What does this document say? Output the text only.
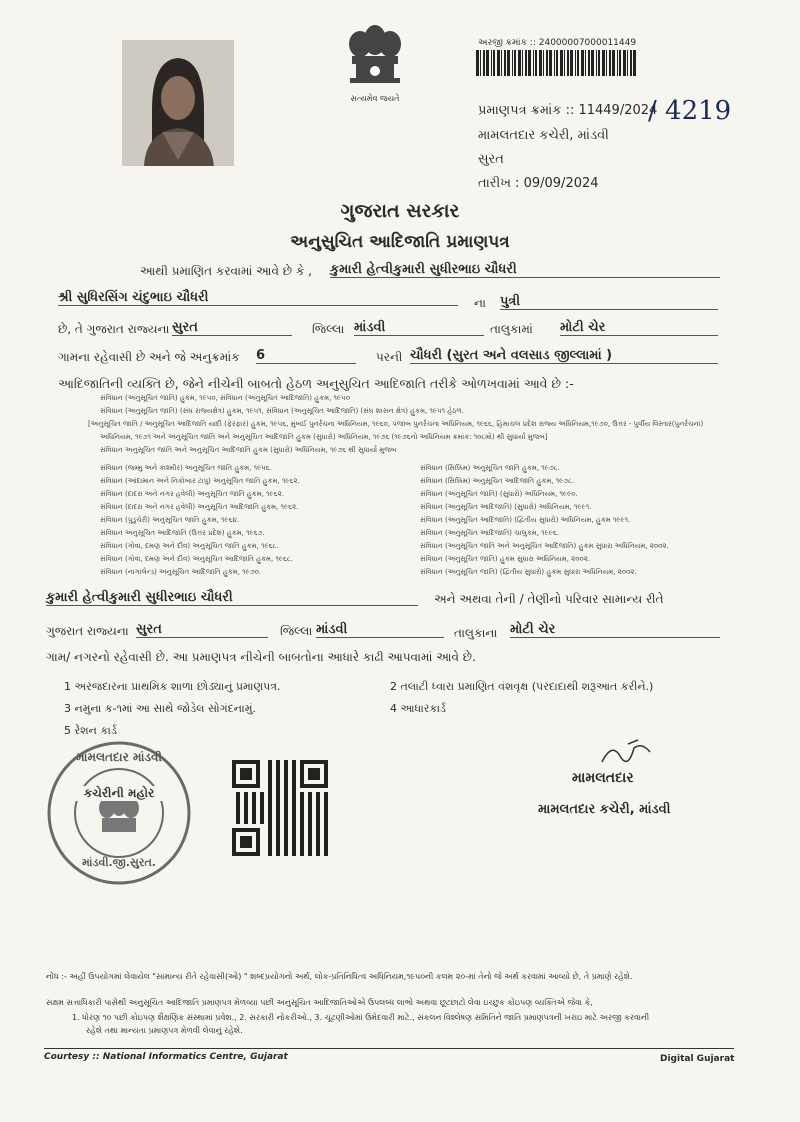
સત્યમેવ જયતે
અરજી ક્રમાંક :: 24000007000011449
પ્રમાણપત્ર ક્રમાંક :: 11449/2024
/ 4219
મામલતદાર કચેરી, માંડવી
સુરત
તારીખ : 09/09/2024
ગુજરાત સરકાર
અનુસુચિત આદિજાતિ પ્રમાણપત્ર
આથી પ્રમાણિત કરવામાં આવે છે કે , કુમારી હેત્વીકુમારી સુધીરભાઇ ચૌધરી
શ્રી સુધિરસિંગ ચંદુભાઇ ચૌધરી	ના પુત્રી
છે, તે ગુજરાત રાજ્યના સુરત	જિલ્લા માંડવી	તાલુકામાં મોટી ચેર
ગામના રહેવાસી છે અને જે અનુક્રમાંક 6	પરની ચૌધરી (સુરત અને વલસાડ જીલ્લામાં )
આદિજાતિની વ્યક્તિ છે, જેને નીચેની બાબતો હેઠળ અનુસુચિત આદિજાતિ તરીકે ઓળખવામાં આવે છે :-
સંવિધાન (અનુસૂચિત જાતિ) હુકમ, ૧૯૫૦, સંવિધાન (અનુસૂચિત આદિજાતિ) હુકમ, ૧૯૫૦
સંવિધાન (અનુસૂચિત જાતિ) (સંઘ રાજ્યક્ષેત્ર) હુકમ, ૧૯૫૧, સંવિધાન (અનુસૂચિત આદિજાતિ) (સંઘ શાસન ક્ષેત્ર) હુકમ, ૧૯૫૧ હેઠળ.
[અનુસૂચિત જાતિ / અનુસૂચિત આદિજાતિ યાદી (ફેરફાર) હુકમ, ૧૯૫૬, મુંબઈ પુનર્રચના અધિનિયમ, ૧૯૬૦, પંજાબ પુનર્રચના અધિનિયમ, ૧૯૬૬, હિમાચલ પ્રદેશ રાજ્ય અધિનિયમ,૧૯૭૦, ઉત્તર - પુર્વીય વિસ્તાર(પુનર્રચના)
અધિનિયમ, ૧૯૭૧ અને અનુસૂચિત જાતિ અને અનુસૂચિત આદિજાતિ હુકમ (સુધારો) અધિનિયમ, ૧૯૭૬ (૧૯૭૬નો અધિનિયમ ક્રમાંક: ૧૦૮મો) થી સુધાર્યા મુજબ]
સંવિધાન અનુસૂચિત જાતિ અને અનુસૂચિત આદિજાતિ હુકમ (સુધારો) અધિનિયમ, ૧૯૭૬ થી સુધાર્યા મુજબ
સંવિધાન (જમ્મુ અને કાશ્મીર) અનુસૂચિત જાતિ હુકમ, ૧૯૫૬.
સંવિધાન (આંદામાન અને નિકોબાર ટાપુ) અનુસૂચિત જાતિ હુકમ, ૧૯૬૨.
સંવિધાન (દાદરા અને નગર હવેલી) અનુસૂચિત જાતિ હુકમ, ૧૯૬૨.
સંવિધાન (દાદરા અને નગર હવેલી) અનુસૂચિત આદિજાતિ હુકમ, ૧૯૬૨.
સંવિધાન (પુડુચેરી) અનુસૂચિત જાતિ હુકમ, ૧૯૬૪.
સંવિધાન અનુસૂચિત આદિજાતિ (ઉત્તર પ્રદેશ) હુકમ, ૧૯૬૭.
સંવિધાન (ગોવા, દમણ અને દીવ) અનુસૂચિત જાતિ હુકમ, ૧૯૬૮.
સંવિધાન (ગોવા, દમણ અને દીવ) અનુસૂચિત આદિજાતિ હુકમ, ૧૯૬૮.
સંવિધાન (નાગાલેન્ડ) અનુસૂચિત આદિજાતિ હુકમ, ૧૯૭૦.
સંવિધાન (સિક્કિમ) અનુસૂચિત જાતિ હુકમ, ૧૯૭૮.
સંવિધાન (સિક્કિમ) અનુસૂચિત આદિજાતિ હુકમ, ૧૯૭૮.
સંવિધાન (અનુસૂચિત જાતિ) (સુધારો) અધિનિયમ, ૧૯૯૦.
સંવિધાન (અનુસૂચિત આદિજાતિ) (સુધારો) અધિનિયમ, ૧૯૯૧.
સંવિધાન (અનુસૂચિત આદિજાતિ) (દ્વિતીય સુધારો) અધિનિયમ, હુકમ ૧૯૯૧.
સંવિધાન (અનુસૂચિત આદિજાતિ) ચાલુકમ, ૧૯૯૬.
સંવિધાન (અનુસૂચિત જાતિ અને અનુસૂચિત આદિજાતિ) હુકમ સુધારા અધિનિયમ, ૨૦૦૨.
સંવિધાન (અનુસૂચિત જાતિ) હુકમ સુધારા અધિનિયમ, ૨૦૦૨.
સંવિધાન (અનુસૂચિત જાતિ) (દ્વિતીય સુધારો) હુકમ સુધારા અધિનિયમ, ૨૦૦૨.
કુમારી હેત્વીકુમારી સુધીરભાઇ ચૌધરી	અને અથવા તેની / તેણીનો પરિવાર સામાન્ય રીતે
ગુજરાત રાજ્યના સુરત	જિલ્લા માંડવી	તાલુકાના મોટી ચેર
ગામ/ નગરનો રહેવાસી છે. આ પ્રમાણપત્ર નીચેની બાબતોના આધારે કાઢી આપવામાં આવે છે.
1 અરજદારના પ્રાથમિક શાળા છોડ્યાનું પ્રમાણપત્ર.	2 તલાટી ધ્વારા પ્રમાણિત વંશવૃક્ષ (પરદાદાથી શરૂઆત કરીને.)
3 નમુના ક-૧માં આ સાથે જોડેલ સોગંદનામું.	4 આધારકાર્ડ
5 રેશન કાર્ડ
મામલતદાર માંડવી
કચેરીની મહોર
માંડવી.જી.સુરત.
મામલતદાર
મામલતદાર કચેરી, માંડવી
નોંધ :- અહીં ઉપયોગમાં લેવાયેલ "સામાન્ય રીતે રહેવાસી(ઓ) " શબ્દપ્રયોગનો અર્થ, લોક-પ્રતિનિધિત્વ અધિનિયમ,૧૯૫૦ની કલમ ૨૦-માં તેનો જે અર્થ કરવામાં આવ્યો છે, તે પ્રમાણે રહેશે.
સક્ષમ સત્તાધિકારી પાસેથી અનુસૂચિત આદિજાતિ પ્રમાણપત્ર મેળવ્યા પછી અનુસૂચિત આદિજાતિઓએ ઉપલબ્ધ લાભો અથવા છૂટછાટો લેવા ઇચ્છુક કોઇપણ વ્યક્તિએ જેવા કે,
1. ધોરણ ૧૦ પછી કોઇપણ શૈક્ષણિક સંસ્થામાં પ્રવેશ., 2. સરકારી નોકરીઓ., 3. ચૂંટણીઓમાં ઉમેદવારી માટે., સંકલન વિશ્લેષણ સમિતિને જાતિ પ્રમાણપત્રની ખરાઇ માટે અરજી કરવાની
રહેશે તથા માન્યતા પ્રમાણપત્ર મેળવી લેવાનું રહેશે.
Courtesy :: National Informatics Centre, Gujarat	Digital Gujarat
